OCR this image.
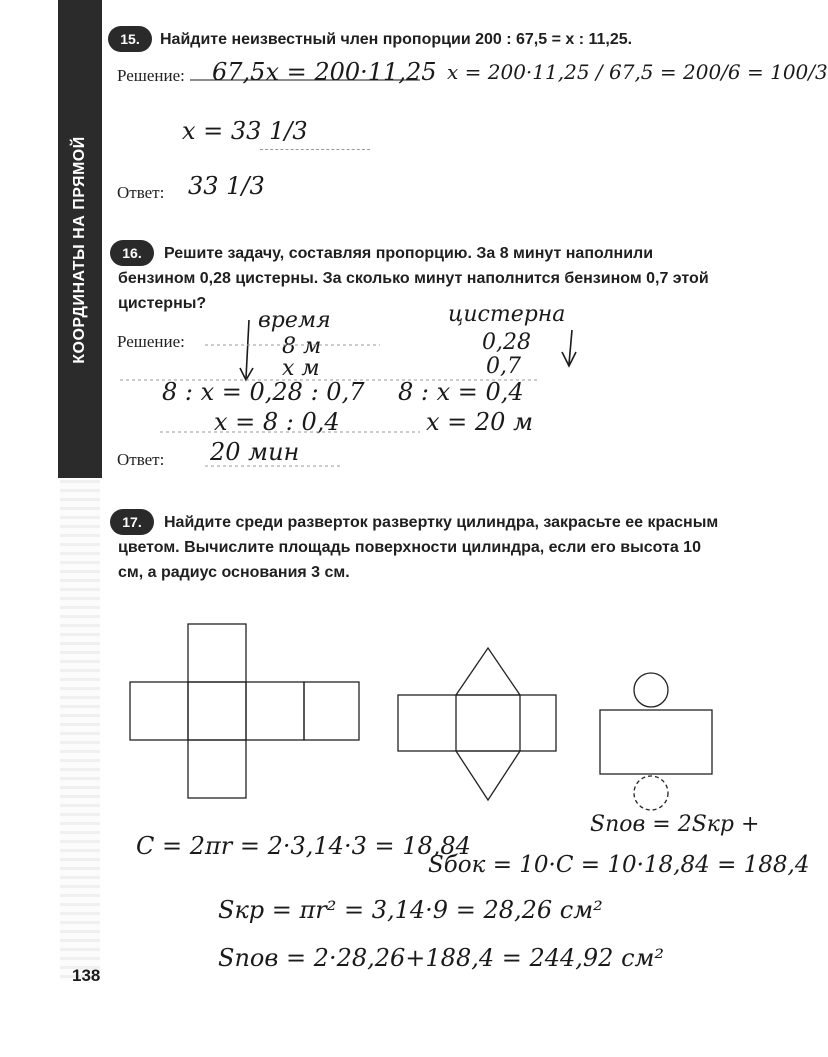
КООРДИНАТЫ НА ПРЯМОЙ
15.	Найдите неизвестный член пропорции 200 : 67,5 = x : 11,25.
Решение: 67,5x = 200·11,25 x = 200·11,25 / 67,5 = 200/6 = 100/3
x = 33 1/3
Ответ: 33 1/3
16.	Решите задачу, составляя пропорцию. За 8 минут наполнили бензином 0,28 цистерны. За сколько минут наполнится бензином 0,7 этой цистерны?
Решение:
время	цистерна
8 м	0,28
x м	0,7
8 : x = 0,28 : 0,7 8 : x = 0,4
x = 8 : 0,4	x = 20 м
Ответ: 20 мин
17.	Найдите среди разверток развертку цилиндра, закрасьте ее красным цветом. Вычислите площадь поверхности цилиндра, если его высота 10 см, а радиус основания 3 см.
C = 2πr = 2·3,14·3 = 18,84
Sпов = 2Sкр +
Sбок = 10·C = 10·18,84 = 188,4
Sкр = πr² = 3,14·9 = 28,26 см²
Sпов = 2·28,26+188,4 = 244,92 см²
138
